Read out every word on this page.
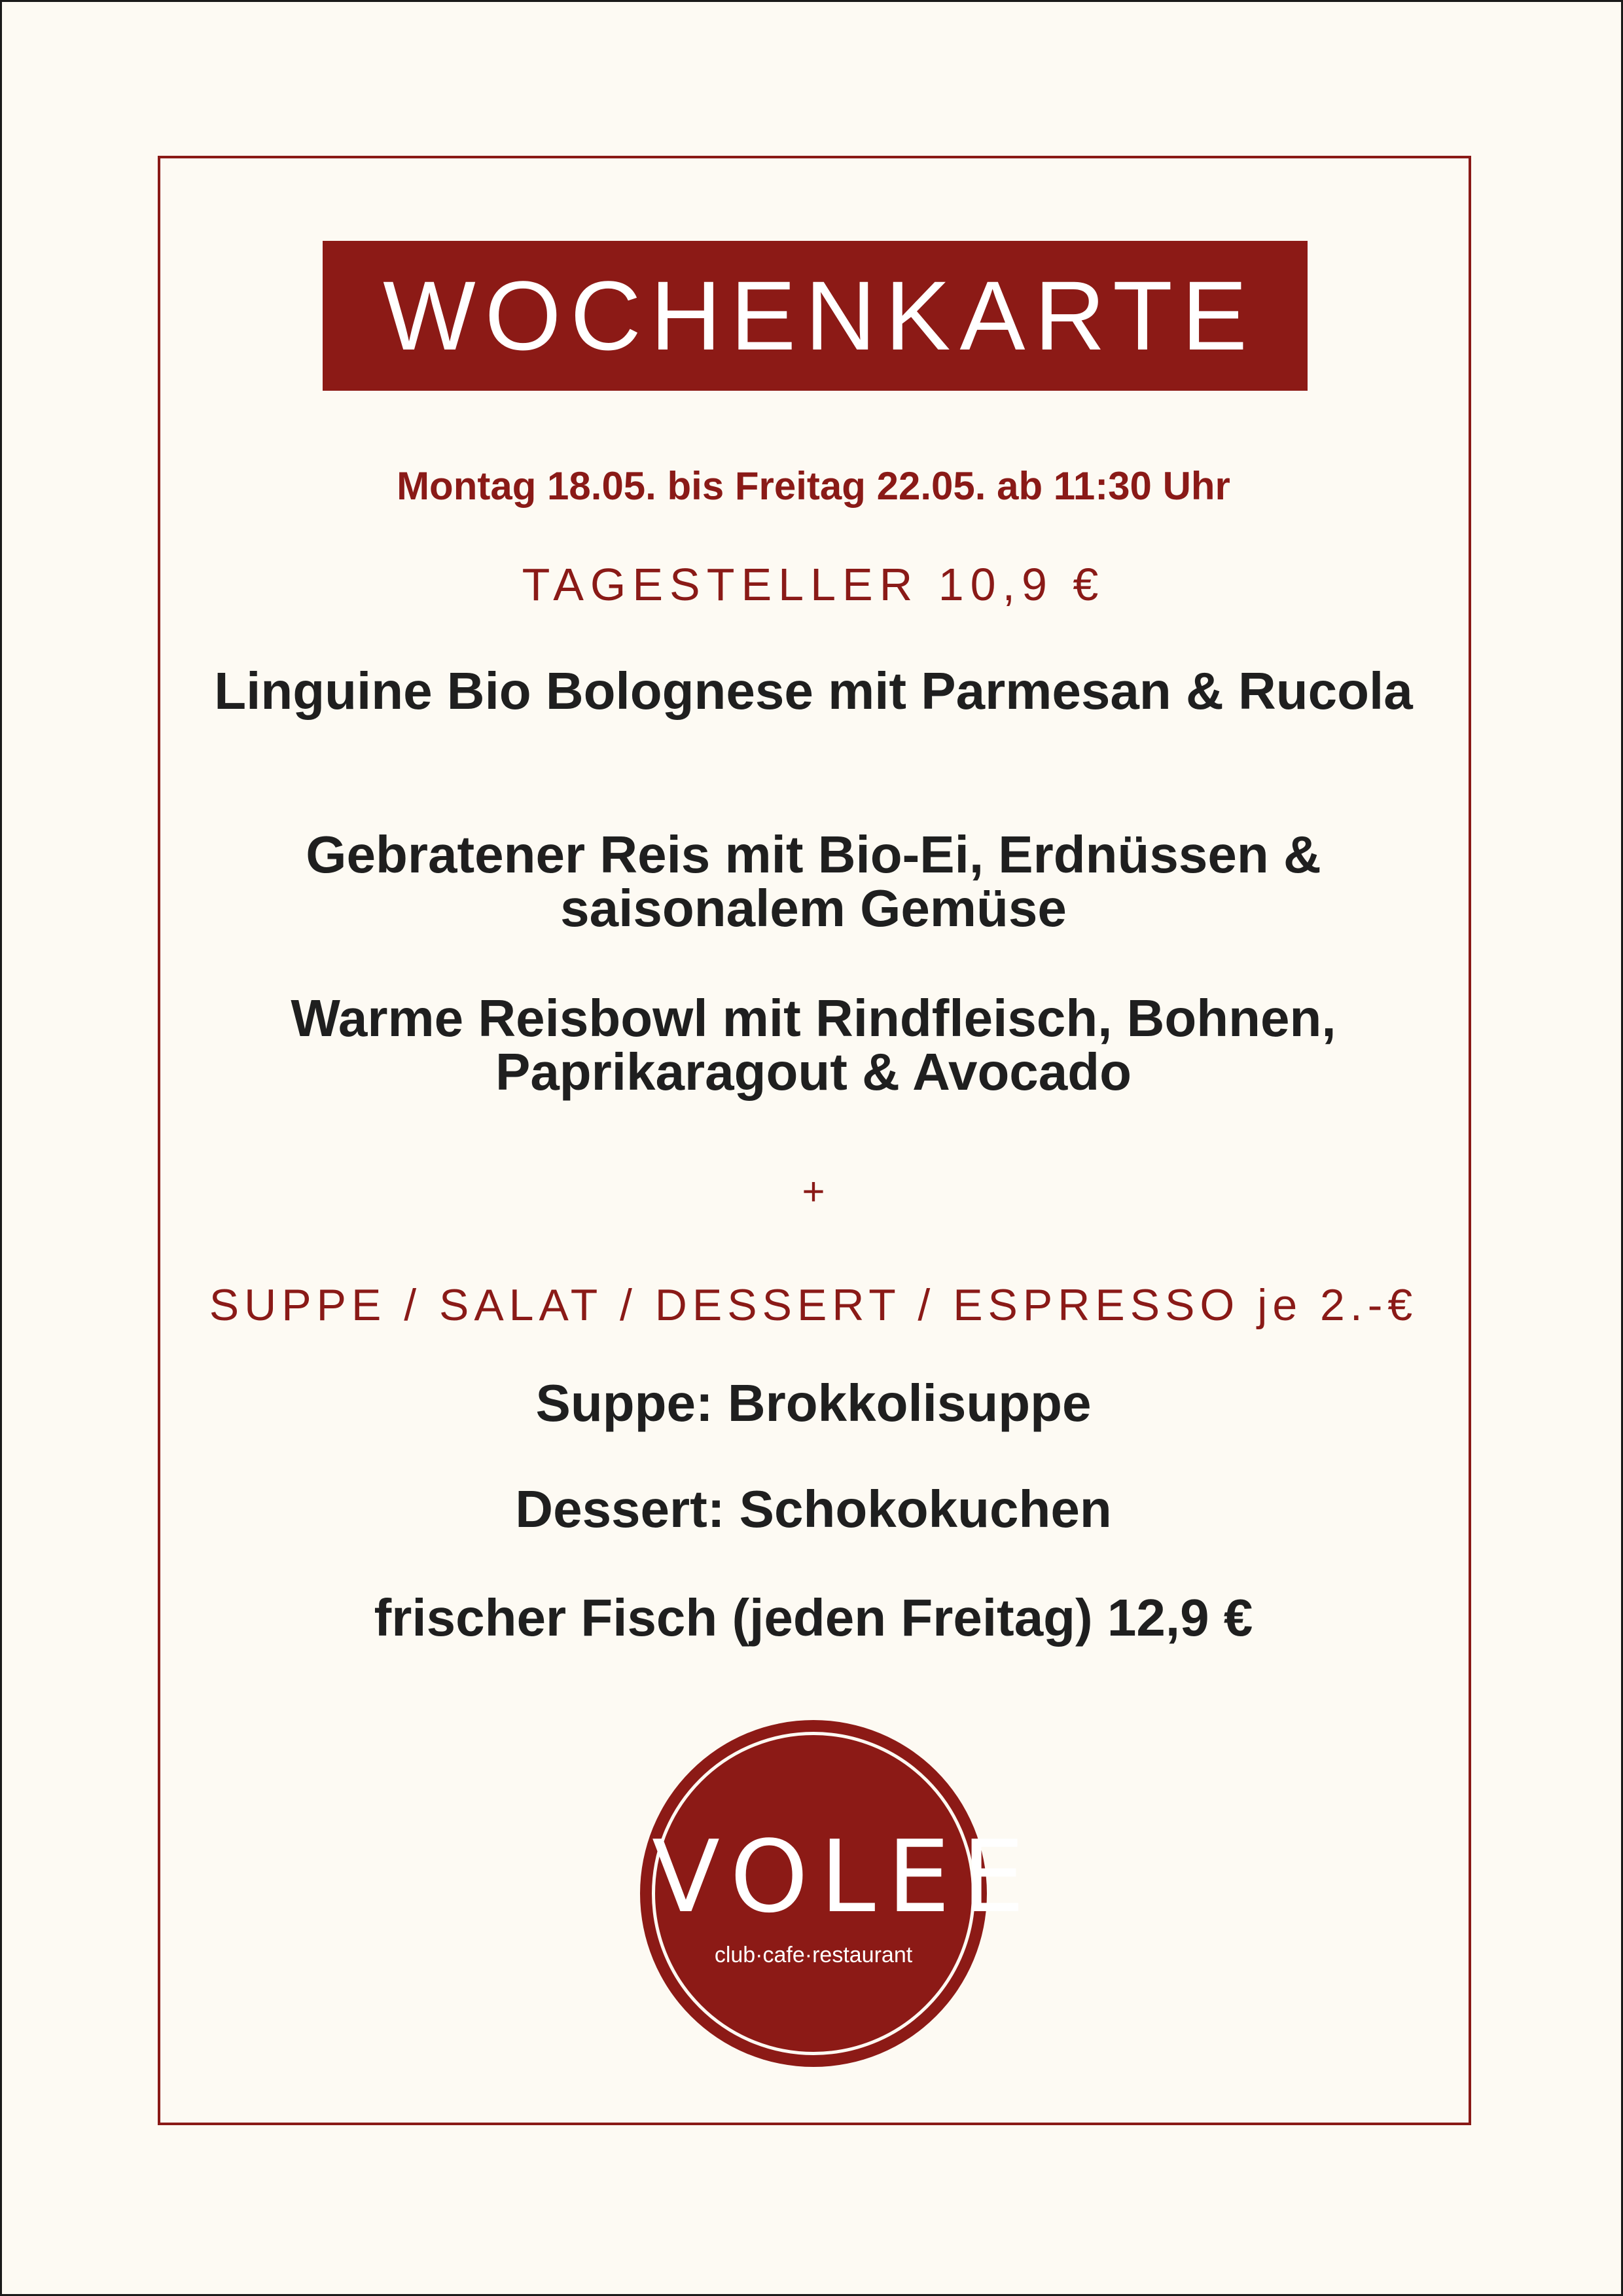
WOCHENKARTE
Montag 18.05. bis Freitag 22.05. ab 11:30 Uhr
TAGESTELLER 10,9 €
Linguine Bio Bolognese mit Parmesan & Rucola
Gebratener Reis mit Bio-Ei, Erdnüssen & saisonalem Gemüse
Warme Reisbowl mit Rindfleisch, Bohnen, Paprikaragout & Avocado
+
SUPPE / SALAT / DESSERT / ESPRESSO je 2.-€
Suppe: Brokkolisuppe
Dessert: Schokokuchen
frischer Fisch (jeden Freitag) 12,9 €
VOLEE
club·cafe·restaurant
